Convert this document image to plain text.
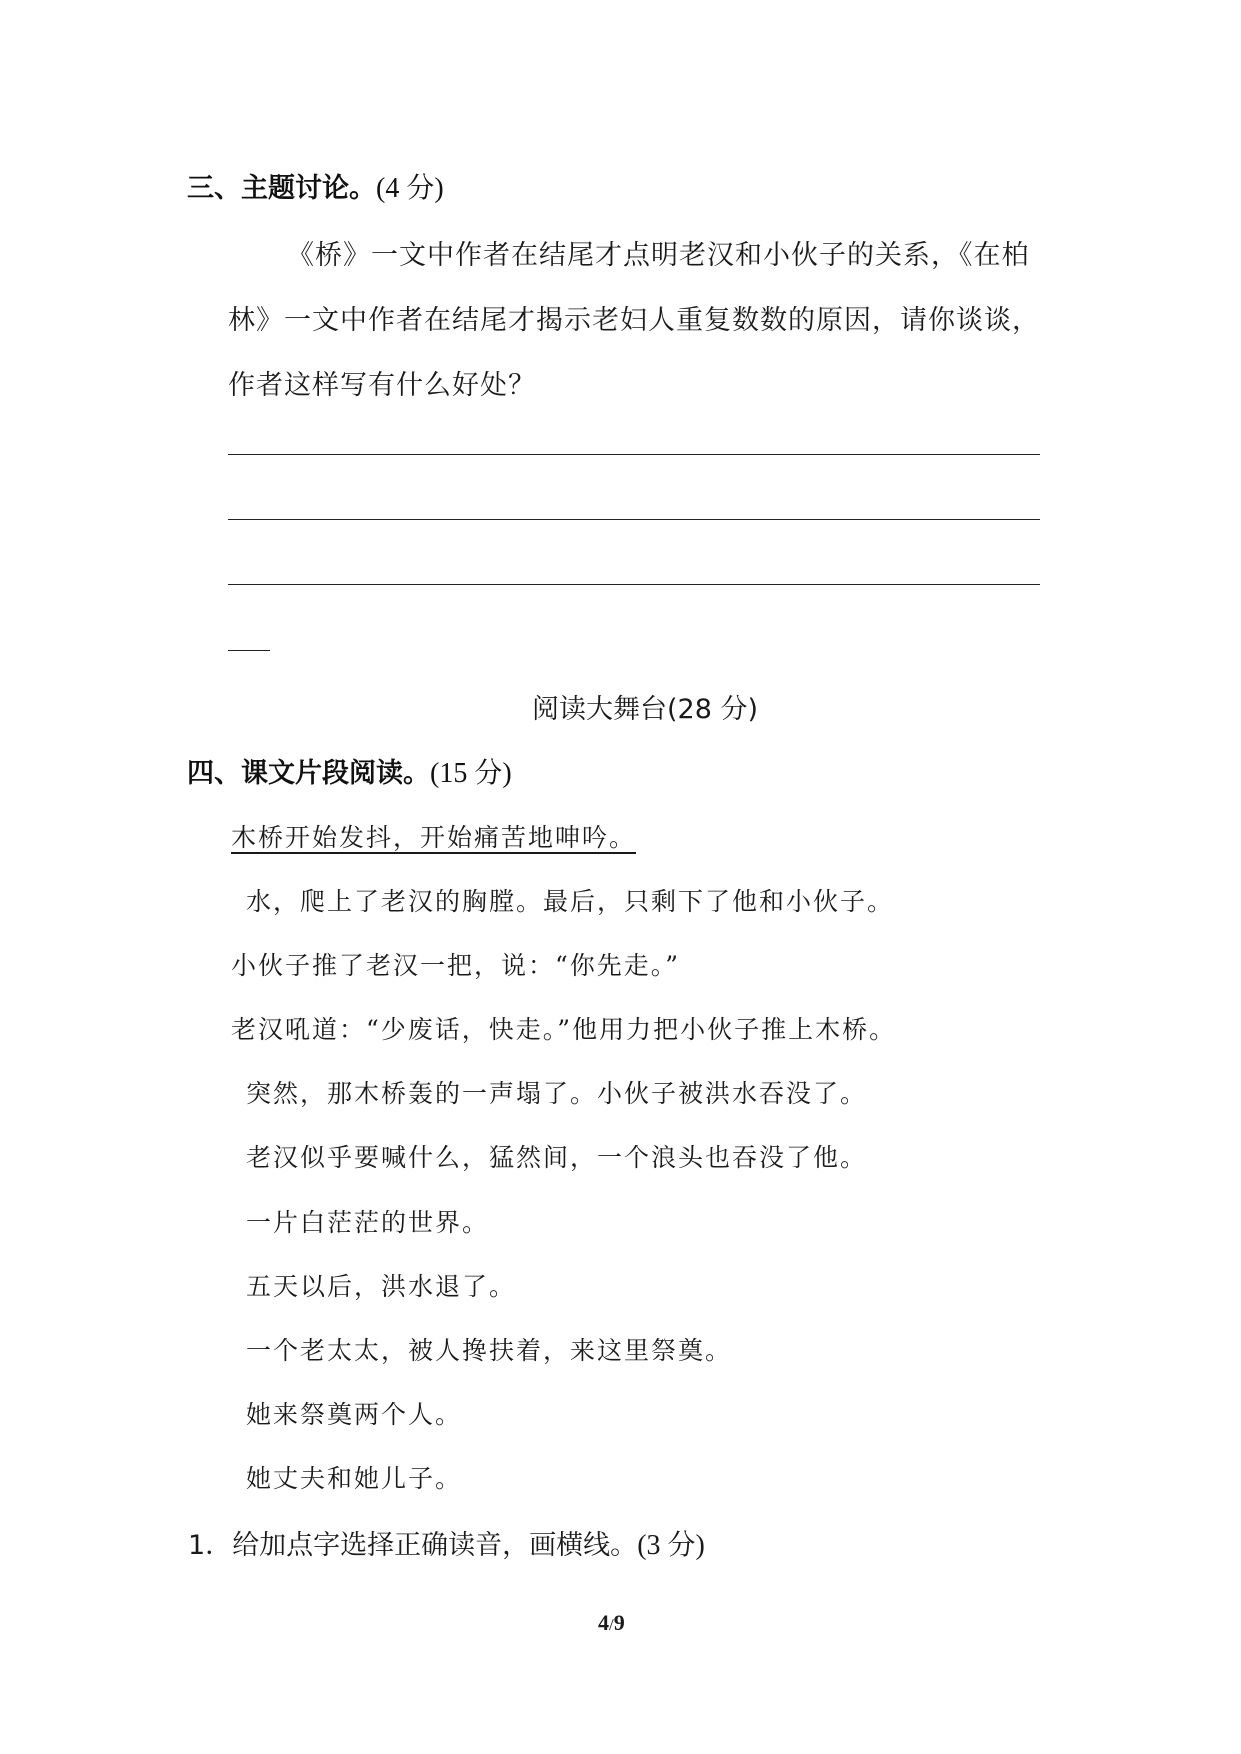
三、主题讨论。(4 分)
《桥》一文中作者在结尾才点明老汉和小伙子的关系，《在柏
林》一文中作者在结尾才揭示老妇人重复数数的原因，请你谈谈，
作者这样写有什么好处？
阅读大舞台(28 分)
四、课文片段阅读。(15 分)
木桥开始发抖，开始痛苦地呻吟。
水，爬上了老汉的胸膛。最后，只剩下了他和小伙子。
小伙子推了老汉一把，说：“你先走。”
老汉吼道：“少废话，快走。”他用力把小伙子推上木桥。
突然，那木桥轰的一声塌了。小伙子被洪水吞没了。
老汉似乎要喊什么，猛然间，一个浪头也吞没了他。
一片白茫茫的世界。
五天以后，洪水退了。
一个老太太，被人搀扶着，来这里祭奠。
她来祭奠两个人。
她丈夫和她儿子。
1．给加点字选择正确读音，画横线。(3 分)
4/9
